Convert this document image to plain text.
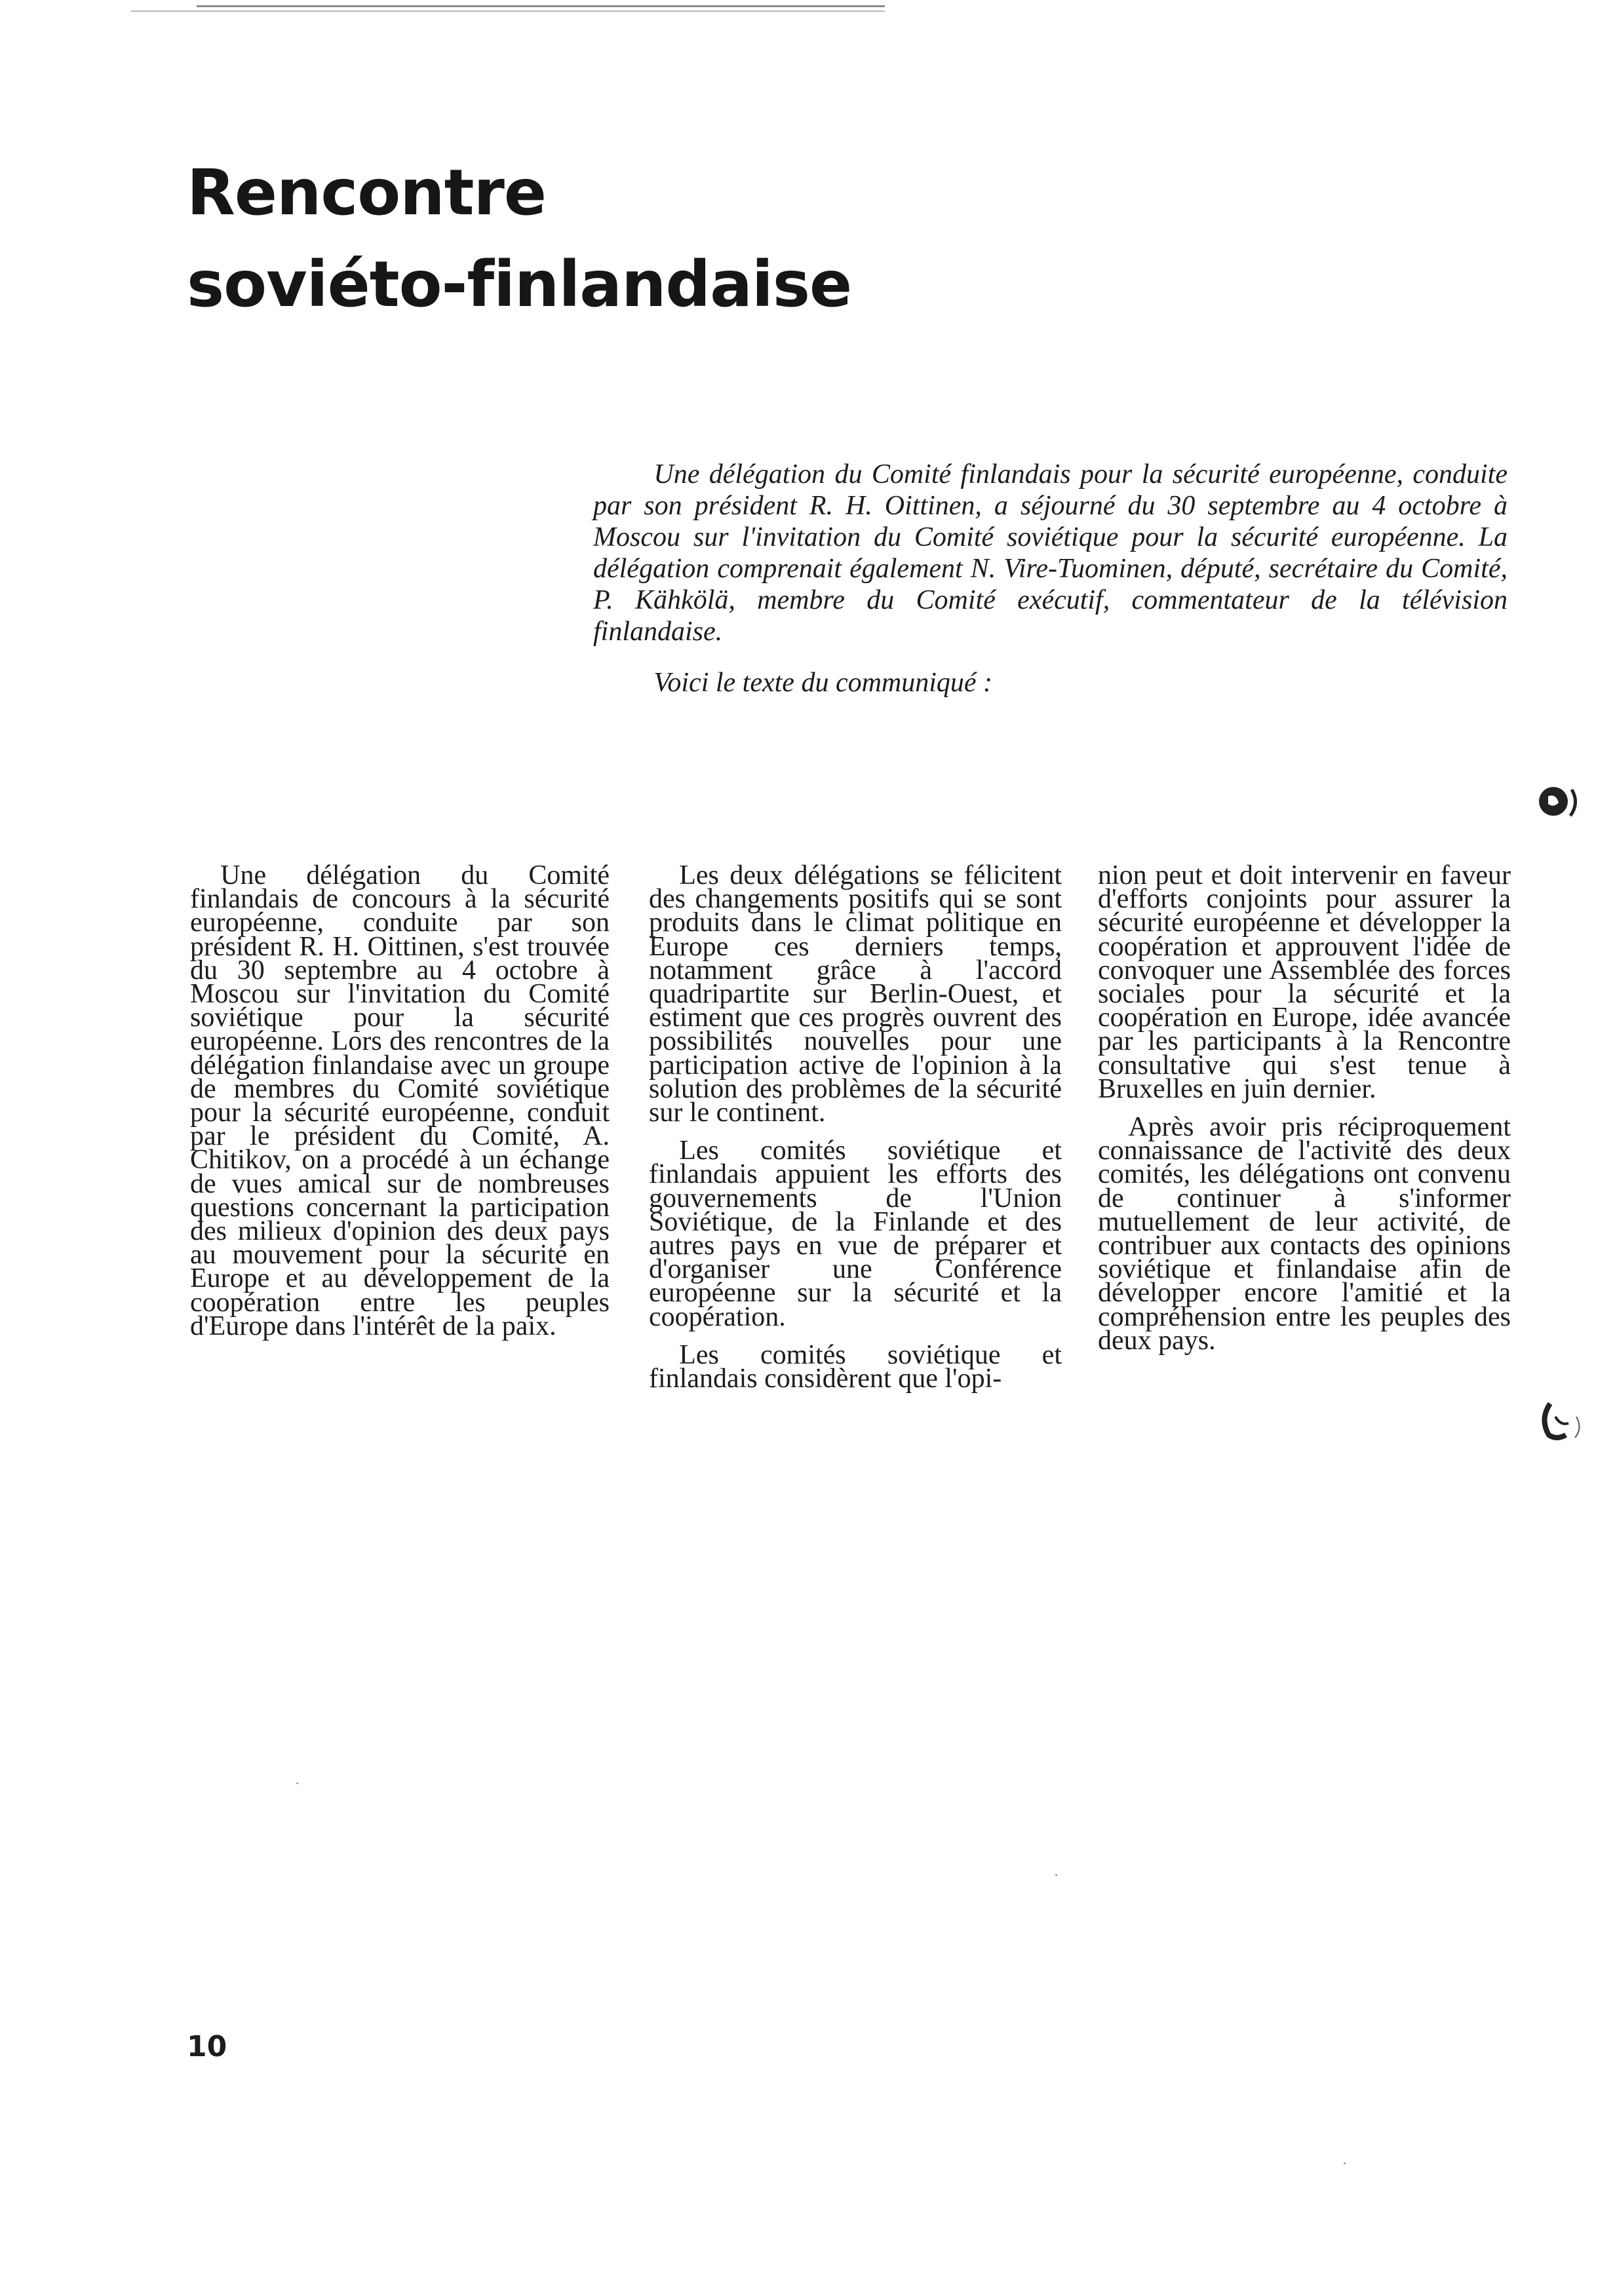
Rencontre
soviéto-finlandaise

Une délégation du Comité finlandais pour la sécurité européenne, conduite par son président R. H. Oittinen, a séjourné du 30 septembre au 4 octobre à Moscou sur l'invitation du Comité soviétique pour la sécurité européenne. La délégation comprenait également N. Vire-Tuominen, député, secrétaire du Comité, P. Kähkölä, membre du Comité exécutif, commentateur de la télévision finlandaise.

Voici le texte du communiqué :

Une délégation du Comité finlandais de concours à la sécurité européenne, conduite par son président R. H. Oittinen, s'est trouvée du 30 septembre au 4 octobre à Moscou sur l'invitation du Comité soviétique pour la sécurité européenne. Lors des rencontres de la délégation finlandaise avec un groupe de membres du Comité soviétique pour la sécurité européenne, conduit par le président du Comité, A. Chitikov, on a procédé à un échange de vues amical sur de nombreuses questions concernant la participation des milieux d'opinion des deux pays au mouvement pour la sécurité en Europe et au développement de la coopération entre les peuples d'Europe dans l'intérêt de la paix.

Les deux délégations se félicitent des changements positifs qui se sont produits dans le climat politique en Europe ces derniers temps, notamment grâce à l'accord quadripartite sur Berlin-Ouest, et estiment que ces progrès ouvrent des possibilités nouvelles pour une participation active de l'opinion à la solution des problèmes de la sécurité sur le continent.

Les comités soviétique et finlandais appuient les efforts des gouvernements de l'Union Soviétique, de la Finlande et des autres pays en vue de préparer et d'organiser une Conférence européenne sur la sécurité et la coopération.

Les comités soviétique et finlandais considèrent que l'opi-

nion peut et doit intervenir en faveur d'efforts conjoints pour assurer la sécurité européenne et développer la coopération et approuvent l'idée de convoquer une Assemblée des forces sociales pour la sécurité et la coopération en Europe, idée avancée par les participants à la Rencontre consultative qui s'est tenue à Bruxelles en juin dernier.

Après avoir pris réciproquement connaissance de l'activité des deux comités, les délégations ont convenu de continuer à s'informer mutuellement de leur activité, de contribuer aux contacts des opinions soviétique et finlandaise afin de développer encore l'amitié et la compréhension entre les peuples des deux pays.

10
